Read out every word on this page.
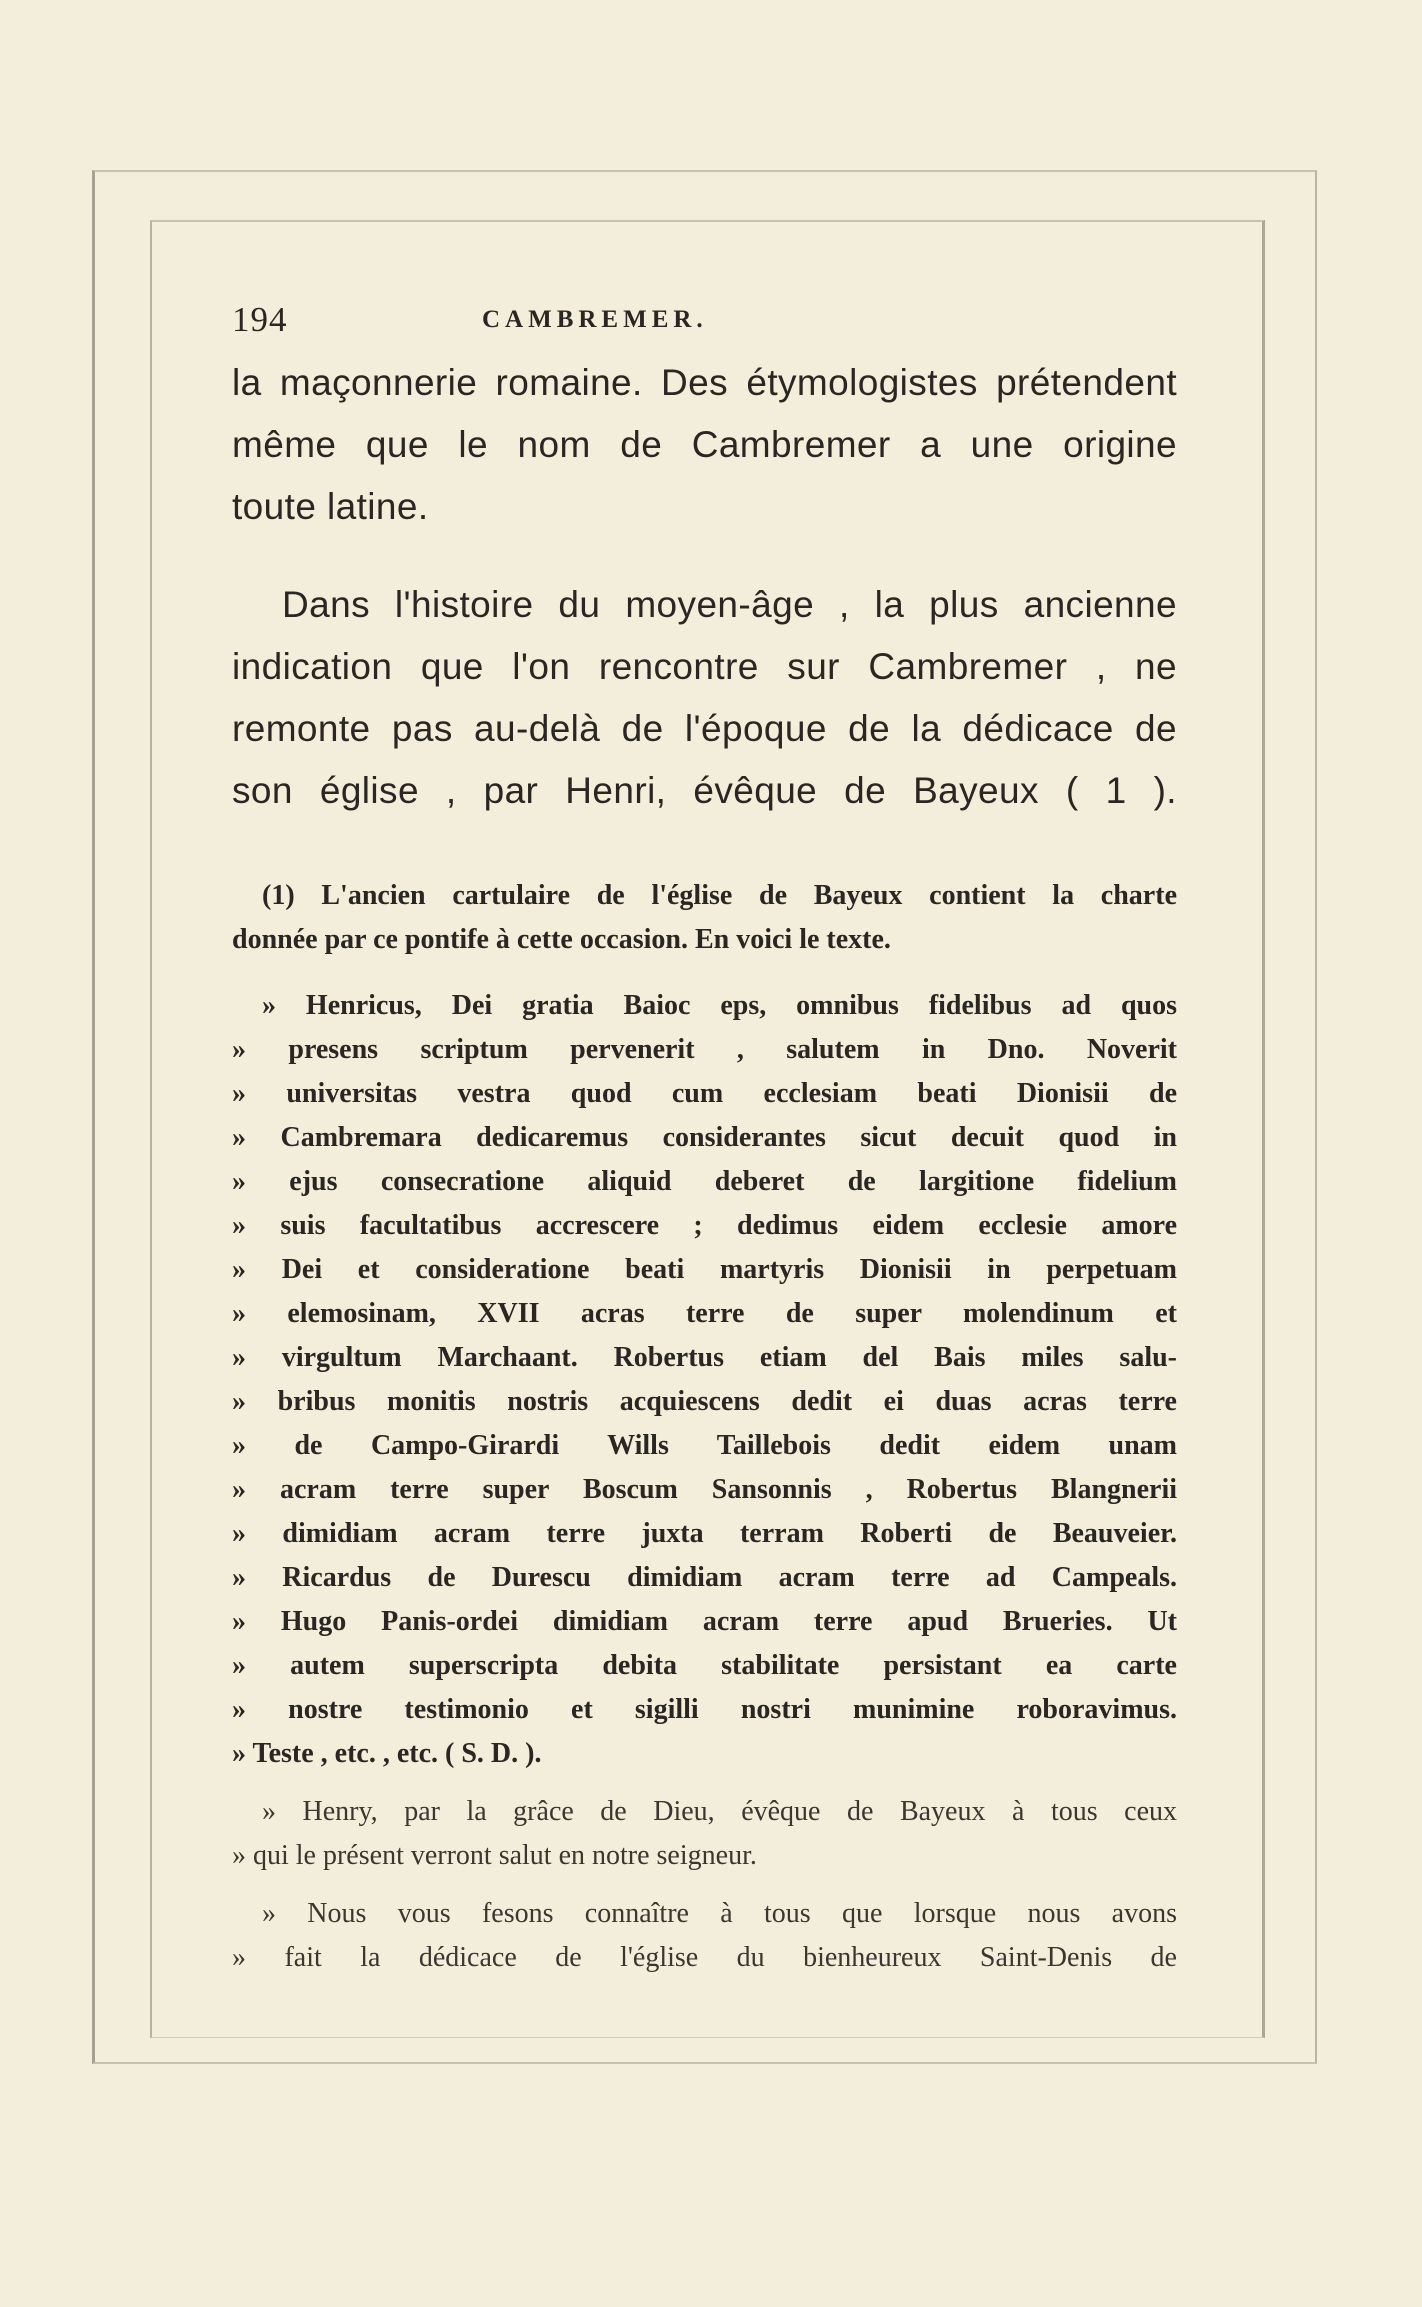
194	CAMBREMER.

la maçonnerie romaine. Des étymologistes prétendent
même que le nom de Cambremer a une origine
toute latine.

Dans l'histoire du moyen-âge , la plus ancienne
indication que l'on rencontre sur Cambremer , ne
remonte pas au-delà de l'époque de la dédicace de
son église , par Henri, évêque de Bayeux ( 1 ).

(1) L'ancien cartulaire de l'église de Bayeux contient la charte
donnée par ce pontife à cette occasion. En voici le texte.
» Henricus, Dei gratia Baioc eps, omnibus fidelibus ad quos
» presens scriptum pervenerit , salutem in Dno. Noverit
» universitas vestra quod cum ecclesiam beati Dionisii de
» Cambremara dedicaremus considerantes sicut decuit quod in
» ejus consecratione aliquid deberet de largitione fidelium
» suis facultatibus accrescere ; dedimus eidem ecclesie amore
» Dei et consideratione beati martyris Dionisii in perpetuam
» elemosinam, XVII acras terre de super molendinum et
» virgultum Marchaant. Robertus etiam del Bais miles salu-
» bribus monitis nostris acquiescens dedit ei duas acras terre
» de Campo-Girardi Wills Taillebois dedit eidem unam
» acram terre super Boscum Sansonnis , Robertus Blangnerii
» dimidiam acram terre juxta terram Roberti de Beauveier.
» Ricardus de Durescu dimidiam acram terre ad Campeals.
» Hugo Panis-ordei dimidiam acram terre apud Brueries. Ut
» autem superscripta debita stabilitate persistant ea carte
» nostre testimonio et sigilli nostri munimine roboravimus.
» Teste , etc. , etc. ( S. D. ).
» Henry, par la grâce de Dieu, évêque de Bayeux à tous ceux
» qui le présent verront salut en notre seigneur.
» Nous vous fesons connaître à tous que lorsque nous avons
» fait la dédicace de l'église du bienheureux Saint-Denis de
